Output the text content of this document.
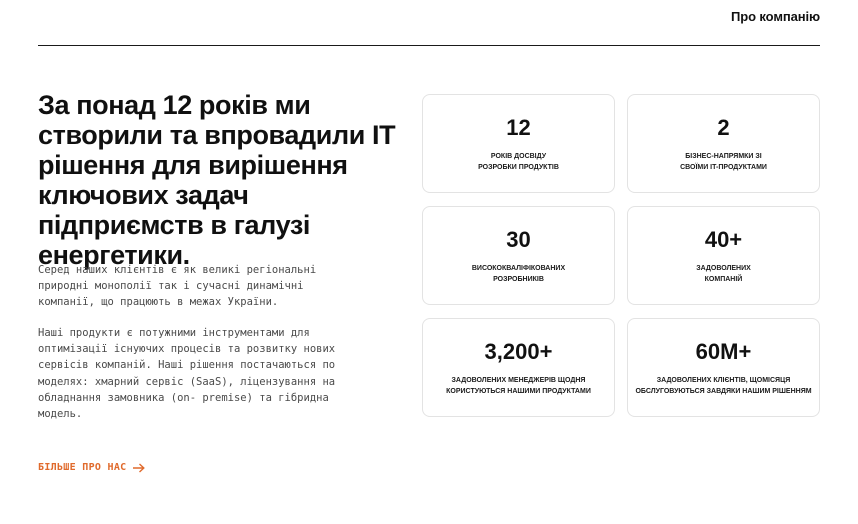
Про компанію
За понад 12 років ми створили та впровадили IT рішення для вирішення ключових задач підприємств в галузі енергетики.

Серед наших клієнтів є як великі регіональні
природні монополії так і сучасні динамічні
компанії, що працюють в межах України.

Наші продукти є потужними інструментами для
оптимізації існуючих процесів та розвитку нових
сервісів компаній. Наші рішення постачаються по
моделях: хмарний сервіс (SaaS), ліцензування на
обладнання замовника (on- premise) та гібридна
модель.

БІЛЬШЕ ПРО НАС
12
РОКІВ ДОСВІДУ
РОЗРОБКИ ПРОДУКТІВ
2
БІЗНЕС-НАПРЯМКИ ЗІ
СВОЇМИ IT-ПРОДУКТАМИ
30
ВИСОКОКВАЛІФІКОВАНИХ
РОЗРОБНИКІВ
40+
ЗАДОВОЛЕНИХ
КОМПАНІЙ
3,200+
ЗАДОВОЛЕНИХ МЕНЕДЖЕРІВ ЩОДНЯ
КОРИСТУЮТЬСЯ НАШИМИ ПРОДУКТАМИ
60M+
ЗАДОВОЛЕНИХ КЛІЄНТІВ, ЩОМІСЯЦЯ
ОБСЛУГОВУЮТЬСЯ ЗАВДЯКИ НАШИМ РІШЕННЯМ
